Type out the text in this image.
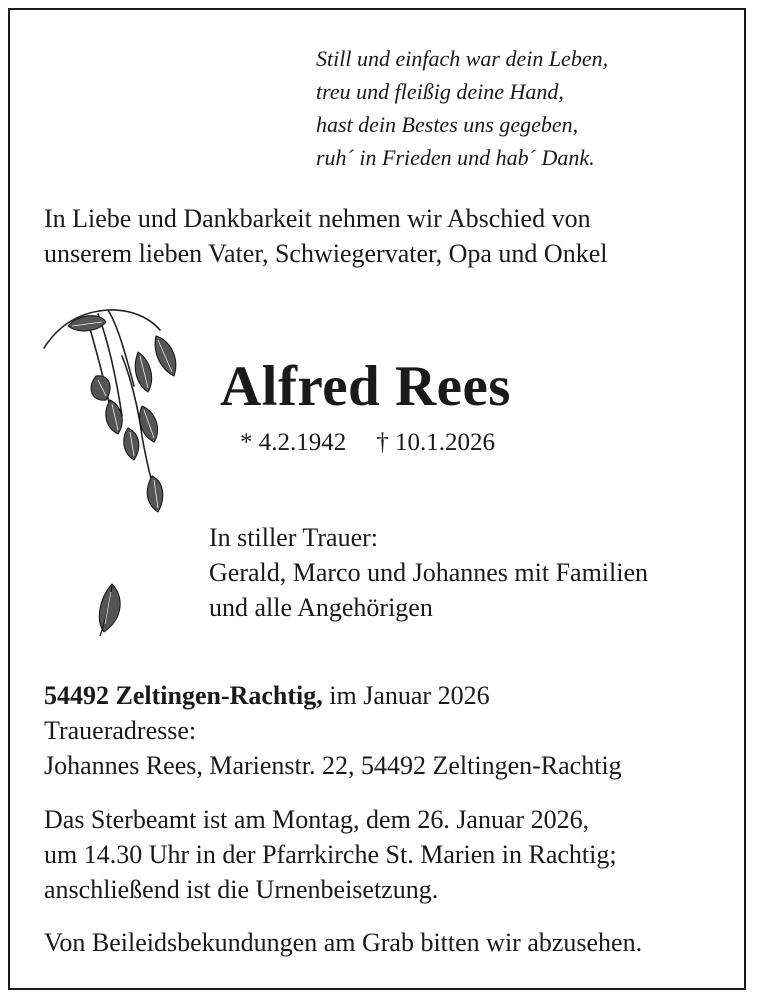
Still und einfach war dein Leben,
treu und fleißig deine Hand,
hast dein Bestes uns gegeben,
ruh´ in Frieden und hab´ Dank.
In Liebe und Dankbarkeit nehmen wir Abschied von
unserem lieben Vater, Schwiegervater, Opa und Onkel
Alfred Rees
* 4.2.1942 † 10.1.2026
In stiller Trauer:
Gerald, Marco und Johannes mit Familien
und alle Angehörigen
54492 Zeltingen-Rachtig, im Januar 2026
Traueradresse:
Johannes Rees, Marienstr. 22, 54492 Zeltingen-Rachtig
Das Sterbeamt ist am Montag, dem 26. Januar 2026,
um 14.30 Uhr in der Pfarrkirche St. Marien in Rachtig;
anschließend ist die Urnenbeisetzung.
Von Beileidsbekundungen am Grab bitten wir abzusehen.
